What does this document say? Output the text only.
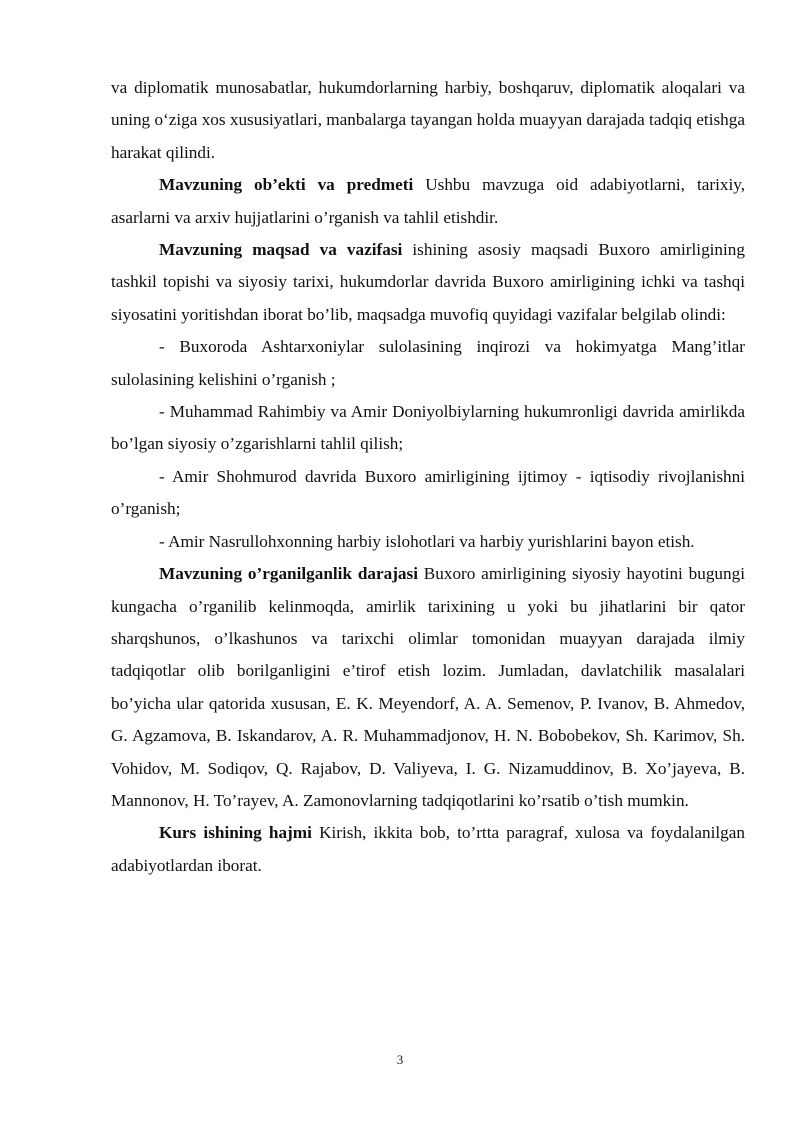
va diplomatik munosabatlar, hukumdorlarning harbiy, boshqaruv, diplomatik aloqalari va uning o‘ziga xos xususiyatlari, manbalarga tayangan holda muayyan darajada tadqiq etishga harakat qilindi.

Mavzuning ob’ekti va predmeti Ushbu mavzuga oid adabiyotlarni, tarixiy, asarlarni va arxiv hujjatlarini o’rganish va tahlil etishdir.

Mavzuning maqsad va vazifasi ishining asosiy maqsadi Buxoro amirligining tashkil topishi va siyosiy tarixi, hukumdorlar davrida Buxoro amirligining ichki va tashqi siyosatini yoritishdan iborat bo’lib, maqsadga muvofiq quyidagi vazifalar belgilab olindi:

- Buxoroda Ashtarxoniylar sulolasining inqirozi va hokimyatga Mang’itlar sulolasining kelishini o’rganish ;

- Muhammad Rahimbiy va Amir Doniyolbiylarning hukumronligi davrida amirlikda bo’lgan siyosiy o’zgarishlarni tahlil qilish;

- Amir Shohmurod davrida Buxoro amirligining ijtimoy - iqtisodiy rivojlanishni o’rganish;

- Amir Nasrullohxonning harbiy islohotlari va harbiy yurishlarini bayon etish.

Mavzuning o’rganilganlik darajasi Buxoro amirligining siyosiy hayotini bugungi kungacha o’rganilib kelinmoqda, amirlik tarixining u yoki bu jihatlarini bir qator sharqshunos, o’lkashunos va tarixchi olimlar tomonidan muayyan darajada ilmiy tadqiqotlar olib borilganligini e’tirof etish lozim. Jumladan, davlatchilik masalalari bo’yicha ular qatorida xususan, E. K. Meyendorf, A. A. Semenov, P. Ivanov, B. Ahmedov, G. Agzamova, B. Iskandarov, A. R. Muhammadjonov, H. N. Bobobekov, Sh. Karimov, Sh. Vohidov, M. Sodiqov, Q. Rajabov, D. Valiyeva, I. G. Nizamuddinov, B. Xo’jayeva, B. Mannonov, H. To’rayev, A. Zamonovlarning tadqiqotlarini ko’rsatib o’tish mumkin.

Kurs ishining hajmi Kirish, ikkita bob, to’rtta paragraf, xulosa va foydalanilgan adabiyotlardan iborat.

3
